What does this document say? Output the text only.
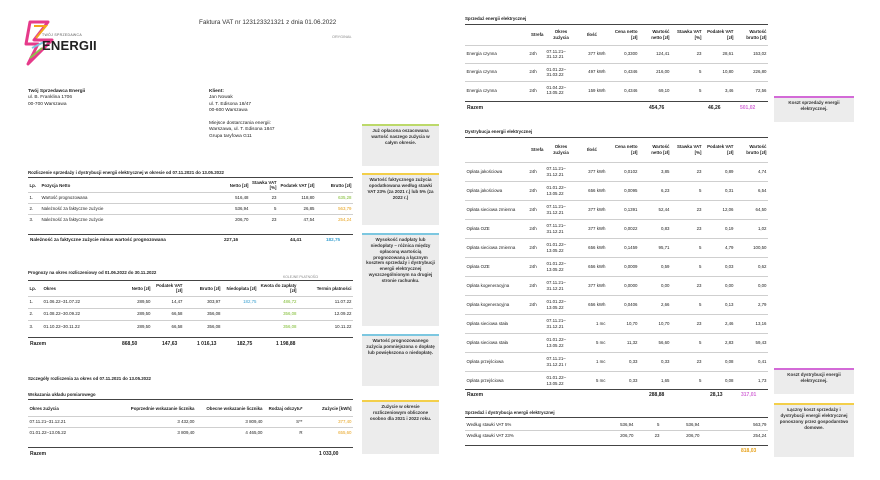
TWÓJ SPRZEDAWCA
ENERGII
Faktura VAT nr 123123321321 z dnia 01.06.2022
ORYGINAŁ
Twój Sprzedawca Energii
ul. B. Franklina 1706
00-700 Warszawa
Klient:
Jan Nowak
ul. T. Edisona 18/47
00-600 Warszawa
Miejsce dostarczania energii:
Warszawa, ul. T. Edisona 1847
Grupa taryfowa G11
Rozliczenie sprzedaży i dystrybucji energii elektrycznej w okresie od 07.11.2021 do 13.05.2022
Lp.	Pozycja Netto	Netto [zł]	Stawka VAT [%]	Podatek VAT [zł]	Brutto [zł]
1.	Wartość prognozowana	516,48	23	118,80	635,28
2.	Należność za faktyczne zużycie	536,94	5	26,85	563,79
3.	Należność za faktyczne zużycie	206,70	23	47,54	254,24
Należność za faktyczne zużycie minus wartość prognozowana	227,16	44,41	182,75
Prognozy na okres rozliczeniowy od 01.06.2022 do 30.11.2022
KOLEJNE PŁATNOŚCI
Lp.	Okres	Netto [zł]	Podatek VAT [zł]	Brutto [zł]	Niedopłata [zł]	Kwota do zapłaty [zł]	Termin płatności
1.	01.06.22–31.07.22	289,50	14,47	303,97	182,75	486,72	11.07.22
2.	01.08.22–30.09.22	289,50	66,58	356,08		356,08	12.09.22
3.	01.10.22–30.11.22	289,50	66,58	356,08		356,08	10.11.22
Razem	868,50	147,63	1 016,13	182,75	1 198,88
Szczegóły rozliczenia za okres od 07.11.2021 do 13.05.2022
Wskazania układu pomiarowego
Okres zużycia	Poprzednie wskazanie licznika	Obecne wskazanie licznika	Rodzaj odczytu*	Zużycie [kWh]
07.11.21–31.12.21	3 432,00	3 809,40	S**	377,40
01.01.22–13.05.22	3 809,40	4 465,00	R	655,60
Razem	1 033,00
Już opłacona oszacowana wartość naszego zużycia w całym okresie.
Wartość faktycznego zużycia opodatkowana według stawki VAT 23% (za 2021 r.) lub 5% (za 2022 r.)
Wysokość nadpłaty lub niedopłaty – różnica między opłaconą wartością prognozowaną a łącznym kosztem sprzedaży i dystrybucji energii elektrycznej wyszczególnionym na drugiej stronie rachunku.
Wartość prognozowanego zużycia pomniejszona o dopłatę lub powiększona o niedopłatę.
Zużycie w okresie rozliczeniowym obliczone osobno dla 2021 i 2022 roku.
Sprzedaż energii elektrycznej
	Strefa	Okres zużycia	Ilość	Cena netto [zł]	Wartość netto [zł]	Stawka VAT [%]	Podatek VAT [zł]	Wartość brutto [zł]
Energia czynna	24h	07.11.21– 31.12.21	377 kWh	0,3300	124,41	23	28,61	153,02
Energia czynna	24h	01.01.22– 31.03.22	497 kWh	0,4346	216,00	5	10,80	226,80
Energia czynna	24h	01.04.22– 13.05.22	159 kWh	0,4346	69,10	5	3,46	72,56
Razem	454,76	46,26	501,02
Dystrybucja energii elektrycznej
	Strefa	Okres zużycia	Ilość	Cena netto [zł]	Wartość netto [zł]	Stawka VAT [%]	Podatek VAT [zł]	Wartość brutto [zł]
Opłata jakościowa	24h	07.11.21– 31.12.21	377 kWh	0,0102	3,85	23	0,89	4,74
Opłata jakościowa	24h	01.01.22– 13.05.22	656 kWh	0,0095	6,23	5	0,31	6,54
Opłata sieciowa zmienna	24h	07.11.21– 31.12.21	377 kWh	0,1391	52,44	23	12,06	64,50
Opłata OZE	24h	07.11.21– 31.12.21	377 kWh	0,0022	0,83	23	0,19	1,02
Opłata sieciowa zmienna	24h	01.01.22– 13.05.22	656 kWh	0,1459	95,71	5	4,79	100,50
Opłata OZE	24h	01.01.22– 13.05.22	656 kWh	0,0009	0,59	5	0,03	0,62
Opłata kogeneracyjna	24h	07.11.21– 31.12.21	377 kWh	0,0000	0,00	23	0,00	0,00
Opłata kogeneracyjna	24h	01.01.22– 13.05.22	656 kWh	0,0406	2,66	5	0,13	2,79
Opłata sieciowa stała		07.11.21– 31.12.21	1 mc	10,70	10,70	23	2,46	13,16
Opłata sieciowa stała		01.01.22– 13.05.22	5 mc	11,32	56,60	5	2,83	59,43
Opłata przejściowa		07.11.21– 31.12.21 r	1 mc	0,33	0,33	23	0,08	0,41
Opłata przejściowa		01.01.22– 13.05.22	5 mc	0,33	1,65	5	0,08	1,73
Razem	288,88	28,13	317,01
Sprzedaż i dystrybucja energii elektrycznej
Według stawki VAT 5%	536,94	5	536,94	563,79
Według stawki VAT 23%	206,70	23	206,70	254,24
818,03
Koszt sprzedaży energii elektrycznej.
Koszt dystrybucji energii elektrycznej.
Łączny koszt sprzedaży i dystrybucji energii elektrycznej ponoszony przez gospodarstwo domowe.
